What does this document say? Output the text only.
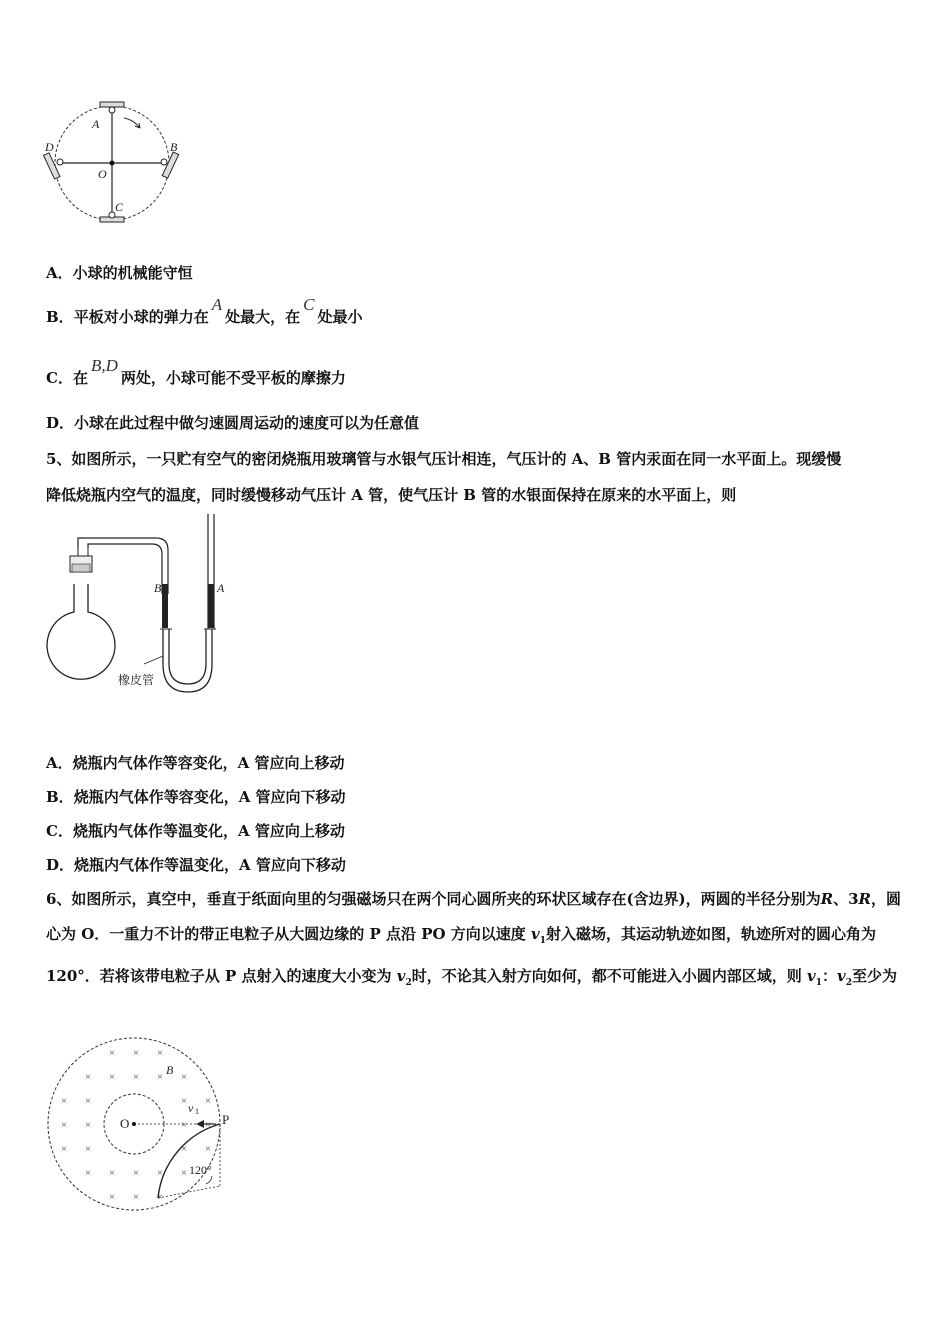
A
B
C
D
O
A．小球的机械能守恒
B．平板对小球的弹力在A处最大，在C处最小
C．在B,D两处，小球可能不受平板的摩擦力
D．小球在此过程中做匀速圆周运动的速度可以为任意值
5、如图所示，一只贮有空气的密闭烧瓶用玻璃管与水银气压计相连，气压计的 A、B 管内汞面在同一水平面上。现缓慢
降低烧瓶内空气的温度，同时缓慢移动气压计 A 管，使气压计 B 管的水银面保持在原来的水平面上，则
B	A
橡皮管
A．烧瓶内气体作等容变化，A 管应向上移动
B．烧瓶内气体作等容变化，A 管应向下移动
C．烧瓶内气体作等温变化，A 管应向上移动
D．烧瓶内气体作等温变化，A 管应向下移动
6、如图所示，真空中，垂直于纸面向里的匀强磁场只在两个同心圆所夹的环状区域存在(含边界)，两圆的半径分别为R、3R，圆心为 O．一重力不计的带正电粒子从大圆边缘的 P 点沿 PO 方向以速度 $v_1$射入磁场，其运动轨迹如图，轨迹所对的圆心角为 120°．若将该带电粒子从 P 点射入的速度大小变为 $v_2$时，不论其入射方向如何，都不可能进入小圆内部区域，则 $v_1$：$v_2$至少为
× × ×
× × × × ×
× ×	× ×
× ×	× ×
× ×	× ×
× × × × ×
× × ×
B
O	P
v 1
120°
